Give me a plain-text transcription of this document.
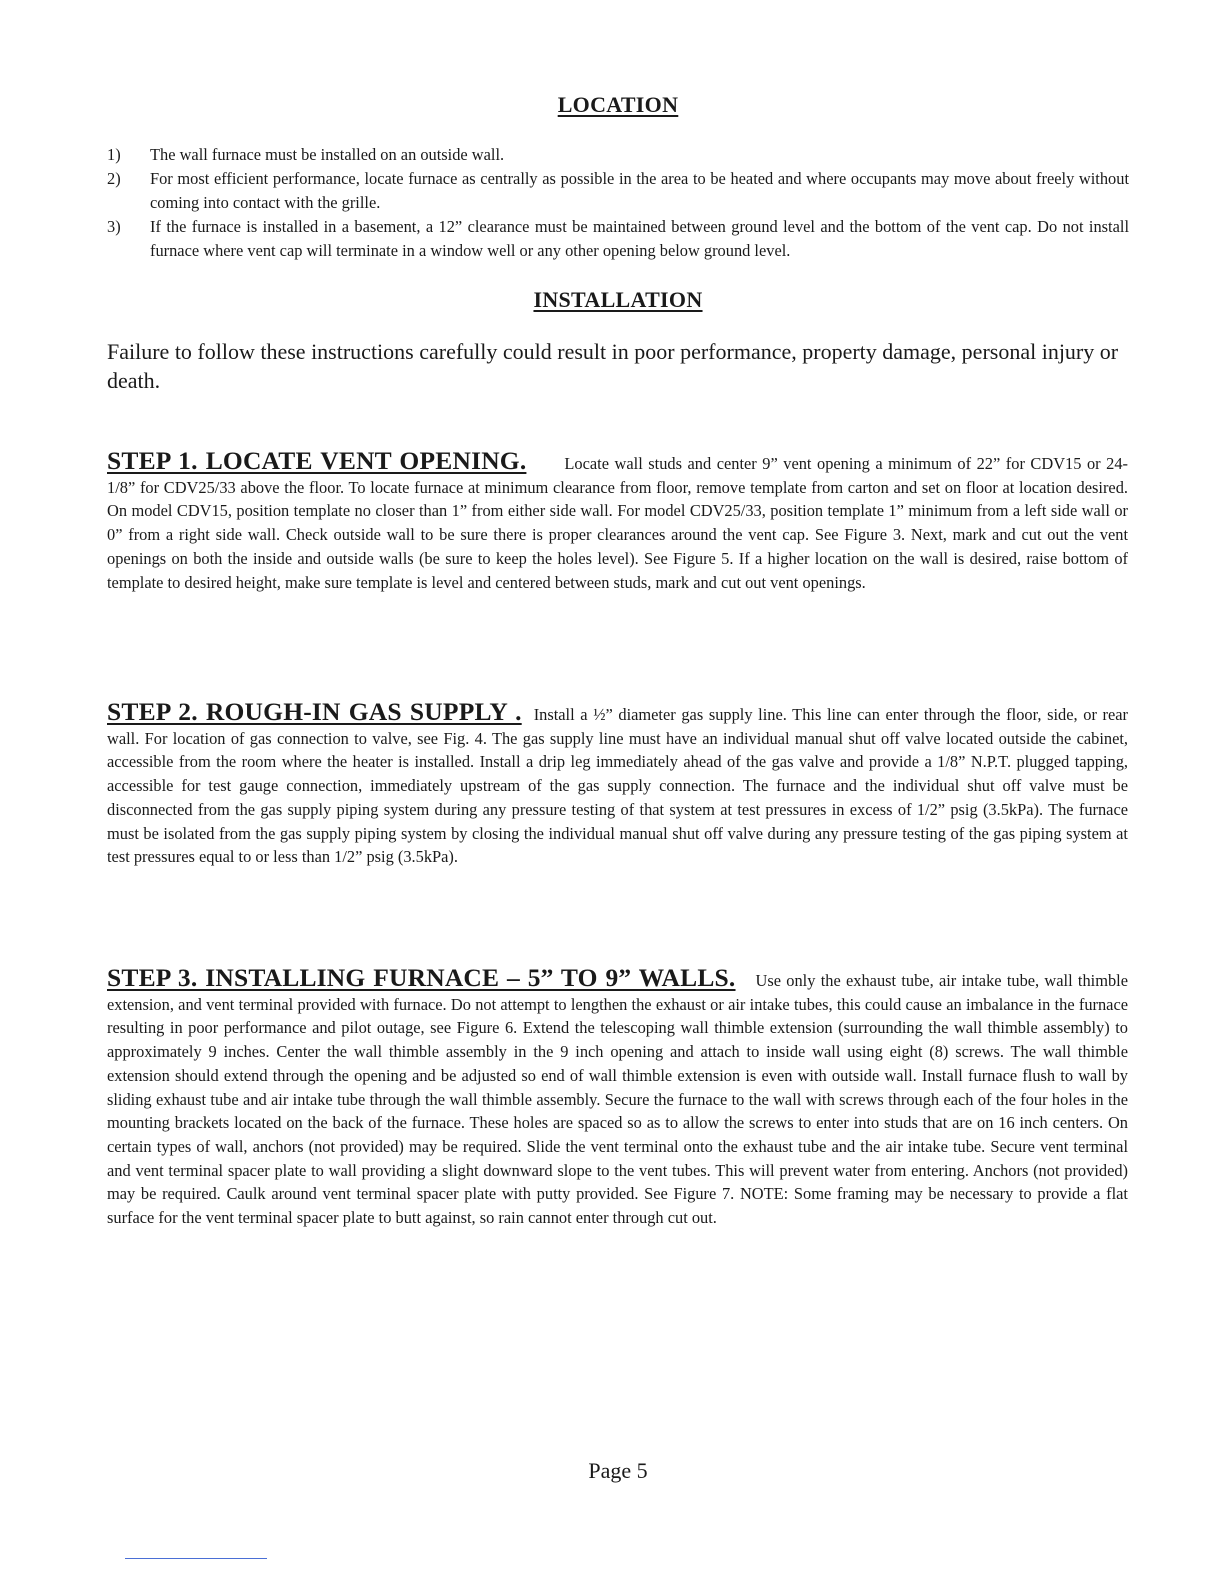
LOCATION
1) The wall furnace must be installed on an outside wall.
2) For most efficient performance, locate furnace as centrally as possible in the area to be heated and where occupants may move about freely without coming into contact with the grille.
3) If the furnace is installed in a basement, a 12” clearance must be maintained between ground level and the bottom of the vent cap. Do not install furnace where vent cap will terminate in a window well or any other opening below ground level.
INSTALLATION

Failure to follow these instructions carefully could result in poor performance, property damage, personal injury or death.

STEP 1. LOCATE VENT OPENING. Locate wall studs and center 9” vent opening a minimum of 22” for CDV15 or 24-1/8” for CDV25/33 above the floor. To locate furnace at minimum clearance from floor, remove template from carton and set on floor at location desired. On model CDV15, position template no closer than 1” from either side wall. For model CDV25/33, position template 1” minimum from a left side wall or 0” from a right side wall. Check outside wall to be sure there is proper clearances around the vent cap. See Figure 3. Next, mark and cut out the vent openings on both the inside and outside walls (be sure to keep the holes level). See Figure 5. If a higher location on the wall is desired, raise bottom of template to desired height, make sure template is level and centered between studs, mark and cut out vent openings.

STEP 2. ROUGH-IN GAS SUPPLY . Install a ½” diameter gas supply line. This line can enter through the floor, side, or rear wall. For location of gas connection to valve, see Fig. 4. The gas supply line must have an individual manual shut off valve located outside the cabinet, accessible from the room where the heater is installed. Install a drip leg immediately ahead of the gas valve and provide a 1/8” N.P.T. plugged tapping, accessible for test gauge connection, immediately upstream of the gas supply connection. The furnace and the individual shut off valve must be disconnected from the gas supply piping system during any pressure testing of that system at test pressures in excess of 1/2” psig (3.5kPa). The furnace must be isolated from the gas supply piping system by closing the individual manual shut off valve during any pressure testing of the gas piping system at test pressures equal to or less than 1/2” psig (3.5kPa).

STEP 3. INSTALLING FURNACE – 5” TO 9” WALLS. Use only the exhaust tube, air intake tube, wall thimble extension, and vent terminal provided with furnace. Do not attempt to lengthen the exhaust or air intake tubes, this could cause an imbalance in the furnace resulting in poor performance and pilot outage, see Figure 6. Extend the telescoping wall thimble extension (surrounding the wall thimble assembly) to approximately 9 inches. Center the wall thimble assembly in the 9 inch opening and attach to inside wall using eight (8) screws. The wall thimble extension should extend through the opening and be adjusted so end of wall thimble extension is even with outside wall. Install furnace flush to wall by sliding exhaust tube and air intake tube through the wall thimble assembly. Secure the furnace to the wall with screws through each of the four holes in the mounting brackets located on the back of the furnace. These holes are spaced so as to allow the screws to enter into studs that are on 16 inch centers. On certain types of wall, anchors (not provided) may be required. Slide the vent terminal onto the exhaust tube and the air intake tube. Secure vent terminal and vent terminal spacer plate to wall providing a slight downward slope to the vent tubes. This will prevent water from entering. Anchors (not provided) may be required. Caulk around vent terminal spacer plate with putty provided. See Figure 7. NOTE: Some framing may be necessary to provide a flat surface for the vent terminal spacer plate to butt against, so rain cannot enter through cut out.

Page 5
